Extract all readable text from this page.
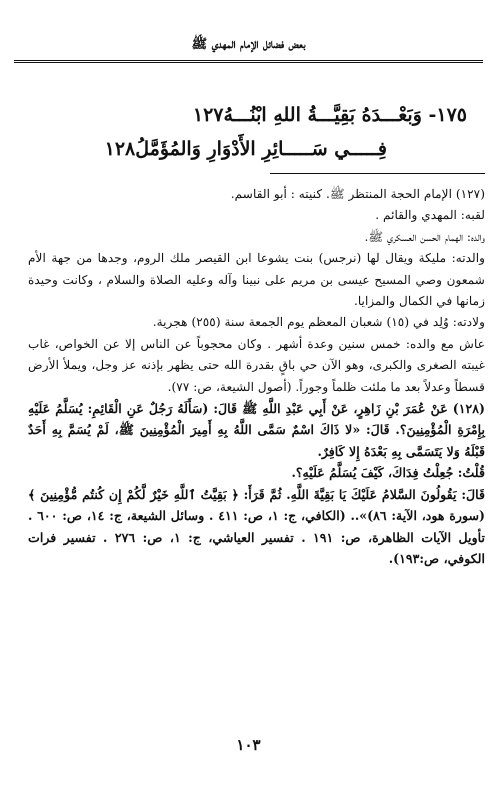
بعض فضائل الإمام المهدي ﷺ
١٧٥- وَبَعْـــدَهُ بَقِيَّـــةُ اللهِ ابْنُـــهُ١٢٧
فِـــــي سَـــــائِرِ الأَدْوَارِ وَالمُؤَمَّلُ١٢٨

(١٢٧) الإمام الحجة المنتظر ﷺ. كنيته : أبو القاسم.

لقبه: المهدي والقائم .

والده: الهمام الحسن العسكري ﷺ.

والدته: مليكة ويقال لها (نرجس) بنت يشوعا ابن القيصر ملك الروم، وجدها من جهة الأم شمعون وصي المسيح عيسى بن مريم على نبينا وآله وعليه الصلاة والسلام ، وكانت وحيدة زمانها في الكمال والمزايا.

ولادته: وُلِد في (١٥) شعبان المعظم يوم الجمعة سنة (٢٥٥) هجرية.

عاش مع والده: خمس سنين وعدة أشهر . وكان محجوباً عن الناس إلا عن الخواص، غاب غيبته الصغرى والكبرى، وهو الآن حي باقٍ بقدرة الله حتى يظهر بإذنه عز وجل، ويملأ الأرض قسطاً وعدلاً بعد ما ملئت ظلماً وجوراً. (أصول الشيعة، ص: ٧٧).

(١٢٨) عَنْ عُمَرَ بْنِ زَاهِرٍ، عَنْ أَبِي عَبْدِ اللَّهِ ﷺ قَالَ: (سَأَلَهُ رَجُلٌ عَنِ الْقَائِمِ: يُسَلَّمُ عَلَيْهِ بِإِمْرَةِ الْمُؤْمِنِينَ؟. قَالَ: «لا ذَاكَ اسْمٌ سَمَّى اللَّهُ بِهِ أَمِيرَ الْمُؤْمِنِينَ ﷺ، لَمْ يُسَمَّ بِهِ أَحَدٌ قَبْلَهُ وَلا يَتَسَمَّى بِهِ بَعْدَهُ إِلا كَافِرٌ.

قُلْتُ: جُعِلْتُ فِدَاكَ، كَيْفَ يُسَلَّمُ عَلَيْهِ؟.

قَالَ: يَقُولُونَ السَّلامُ عَلَيْكَ يَا بَقِيَّةَ اللَّهِ. ثُمَّ قَرَأَ: ﴿ بَقِيَّتُ ٱللَّهِ خَيْرٌ لَّكُمْ إِن كُنتُم مُّؤْمِنِينَ ﴾ (سورة هود، الآية: ٨٦)».. (الكافي، ج: ١، ص: ٤١١ . وسائل الشيعة، ج: ١٤، ص: ٦٠٠ . تأويل الآيات الظاهرة، ص: ١٩١ . تفسير العياشي، ج: ١، ص: ٢٧٦ . تفسير فرات الكوفي، ص:١٩٣).

١٠٣
